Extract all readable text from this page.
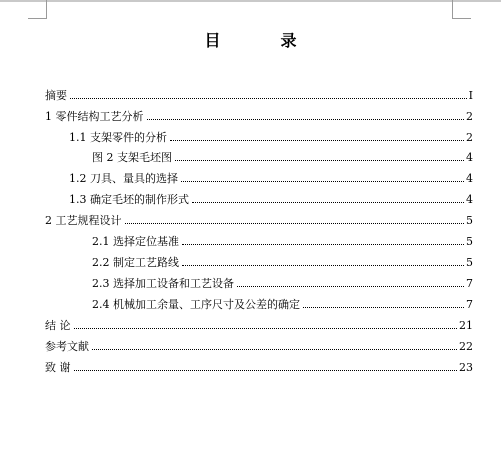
目　录
摘要	I
1 零件结构工艺分析	2
1.1 支架零件的分析	2
图 2 支架毛坯图	4
1.2 刀具、量具的选择	4
1.3 确定毛坯的制作形式	4
2 工艺规程设计	5
2.1 选择定位基准	5
2.2 制定工艺路线	5
2.3 选择加工设备和工艺设备	7
2.4 机械加工余量、工序尺寸及公差的确定	7
结 论	21
参考文献	22
致 谢	23
